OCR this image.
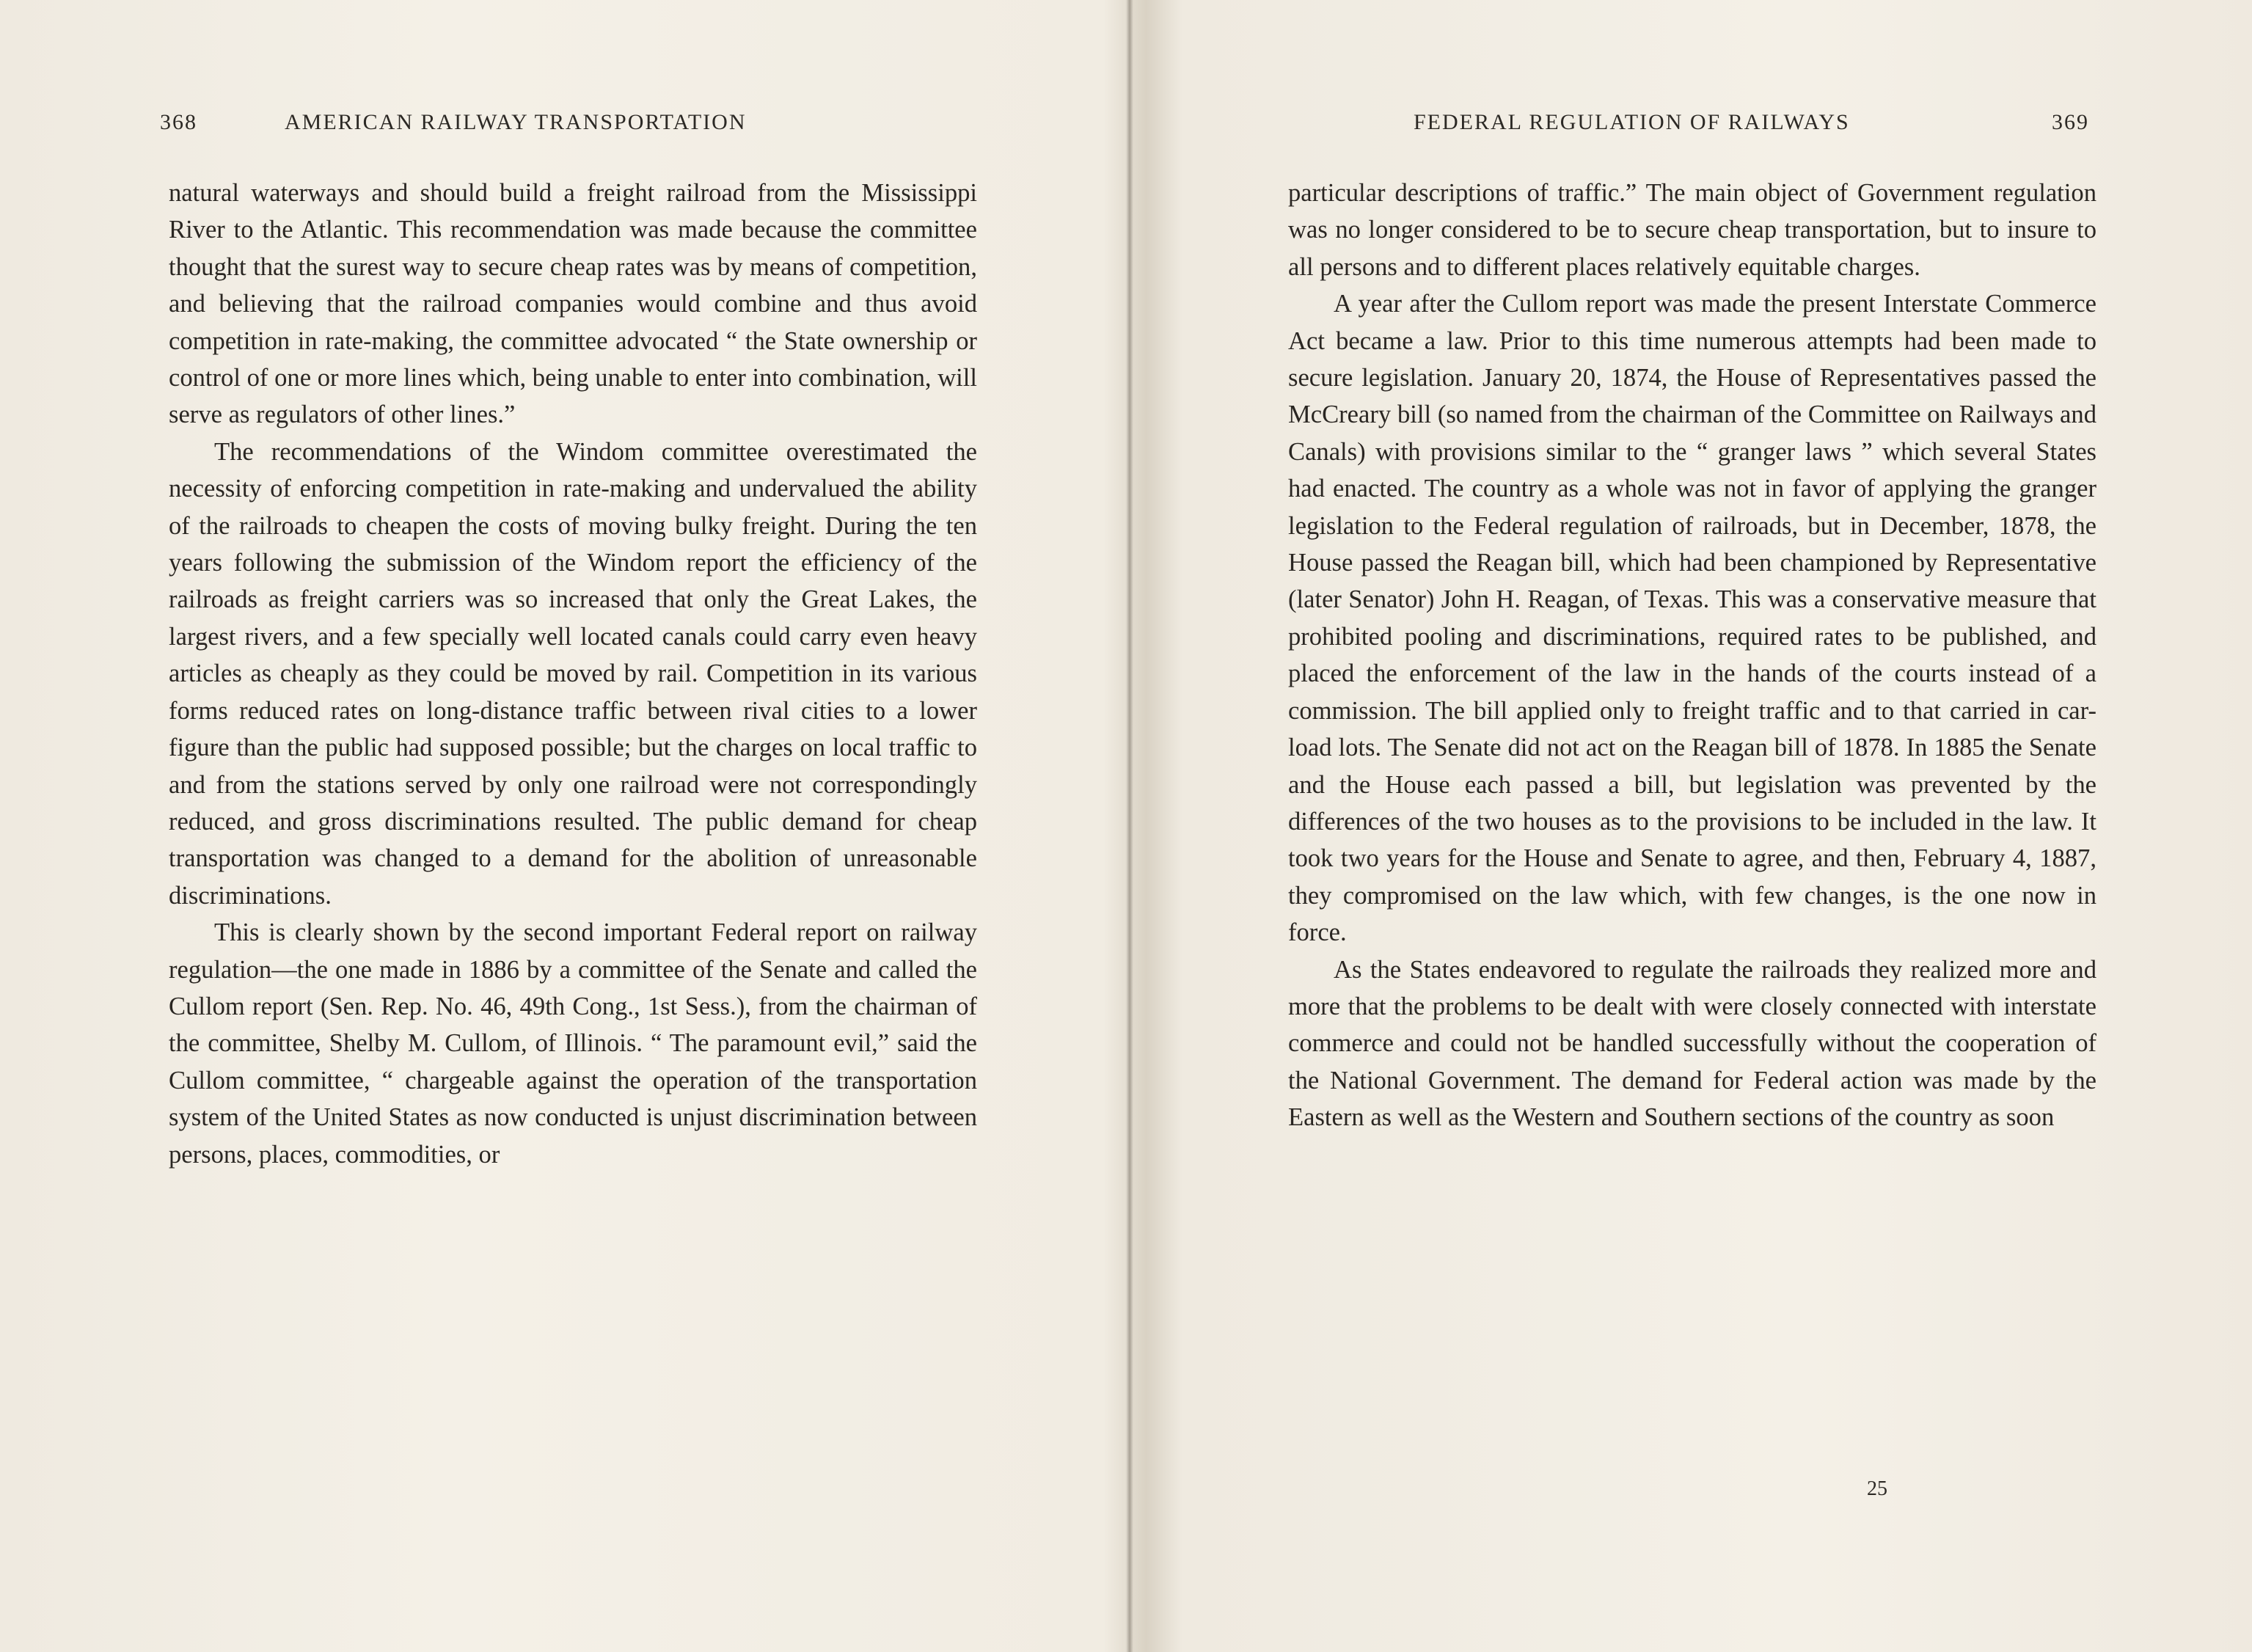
368	AMERICAN RAILWAY TRANSPORTATION

natural waterways and should build a freight railroad from the Mississippi River to the Atlantic. This recommendation was made because the committee thought that the surest way to secure cheap rates was by means of competition, and believing that the railroad companies would combine and thus avoid competition in rate-making, the committee advocated “ the State ownership or control of one or more lines which, being unable to enter into combination, will serve as regulators of other lines.”

The recommendations of the Windom committee overestimated the necessity of enforcing competition in rate-making and undervalued the ability of the railroads to cheapen the costs of moving bulky freight. During the ten years following the submission of the Windom report the efficiency of the railroads as freight carriers was so increased that only the Great Lakes, the largest rivers, and a few specially well located canals could carry even heavy articles as cheaply as they could be moved by rail. Competition in its various forms reduced rates on long-distance traffic between rival cities to a lower figure than the public had supposed possible; but the charges on local traffic to and from the stations served by only one railroad were not correspondingly reduced, and gross discriminations resulted. The public demand for cheap transportation was changed to a demand for the abolition of unreasonable discriminations.

This is clearly shown by the second important Federal report on railway regulation—the one made in 1886 by a committee of the Senate and called the Cullom report (Sen. Rep. No. 46, 49th Cong., 1st Sess.), from the chairman of the committee, Shelby M. Cullom, of Illinois. “ The paramount evil,” said the Cullom committee, “ chargeable against the operation of the transportation system of the United States as now conducted is unjust discrimination between persons, places, commodities, or

FEDERAL REGULATION OF RAILWAYS	369

particular descriptions of traffic.” The main object of Government regulation was no longer considered to be to secure cheap transportation, but to insure to all persons and to different places relatively equitable charges.

A year after the Cullom report was made the present Interstate Commerce Act became a law. Prior to this time numerous attempts had been made to secure legislation. January 20, 1874, the House of Representatives passed the McCreary bill (so named from the chairman of the Committee on Railways and Canals) with provisions similar to the “ granger laws ” which several States had enacted. The country as a whole was not in favor of applying the granger legislation to the Federal regulation of railroads, but in December, 1878, the House passed the Reagan bill, which had been championed by Representative (later Senator) John H. Reagan, of Texas. This was a conservative measure that prohibited pooling and discriminations, required rates to be published, and placed the enforcement of the law in the hands of the courts instead of a commission. The bill applied only to freight traffic and to that carried in car-load lots. The Senate did not act on the Reagan bill of 1878. In 1885 the Senate and the House each passed a bill, but legislation was prevented by the differences of the two houses as to the provisions to be included in the law. It took two years for the House and Senate to agree, and then, February 4, 1887, they compromised on the law which, with few changes, is the one now in force.

As the States endeavored to regulate the railroads they realized more and more that the problems to be dealt with were closely connected with interstate commerce and could not be handled successfully without the cooperation of the National Government. The demand for Federal action was made by the Eastern as well as the Western and Southern sections of the country as soon

25
